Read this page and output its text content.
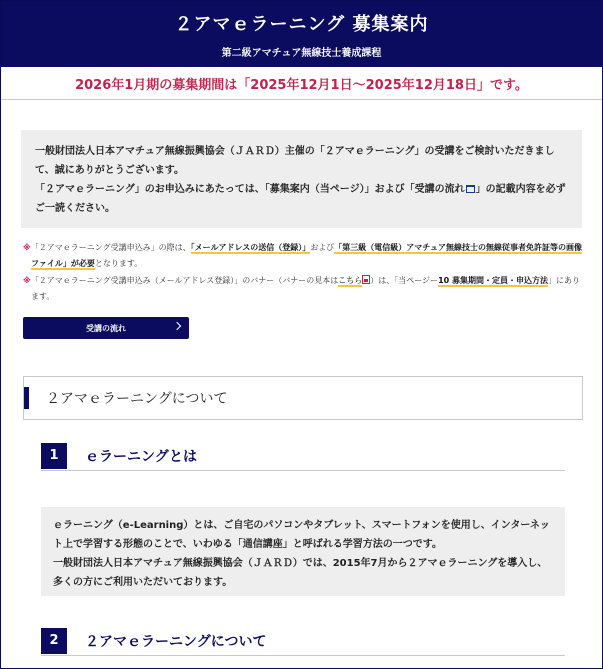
２アマｅラーニング 募集案内
第二級アマチュア無線技士養成課程
2026年1月期の募集期間は「2025年12月1日～2025年12月18日」です。

一般財団法人日本アマチュア無線振興協会（ＪＡＲＤ）主催の「２アマｅラーニング」の受講をご検討いただきまして、誠にありがとうございます。

「２アマｅラーニング」のお申込みにあたっては、「募集案内（当ページ）」および「受講の流れ 」の記載内容を必ずご一読ください。

※「２アマｅラーニング受講申込み」の際は、「メールアドレスの送信（登録）」および「第三級（電信級）アマチュア無線技士の無線従事者免許証等の画像ファイル」が必要となります。
※「２アマｅラーニング受講申込み（メールアドレス登録）」のバナー（バナーの見本はこちら ）は、「当ページー10 募集期間・定員・申込方法」にあります。
受講の流れ
２アマｅラーニングについて
1	ｅラーニングとは

ｅラーニング（e-Learning）とは、ご自宅のパソコンやタブレット、スマートフォンを使用し、インターネット上で学習する形態のことで、いわゆる「通信講座」と呼ばれる学習方法の一つです。

一般財団法人日本アマチュア無線振興協会（ＪＡＲＤ）では、2015年7月から２アマｅラーニングを導入し、多くの方にご利用いただいております。

2	２アマｅラーニングについて
